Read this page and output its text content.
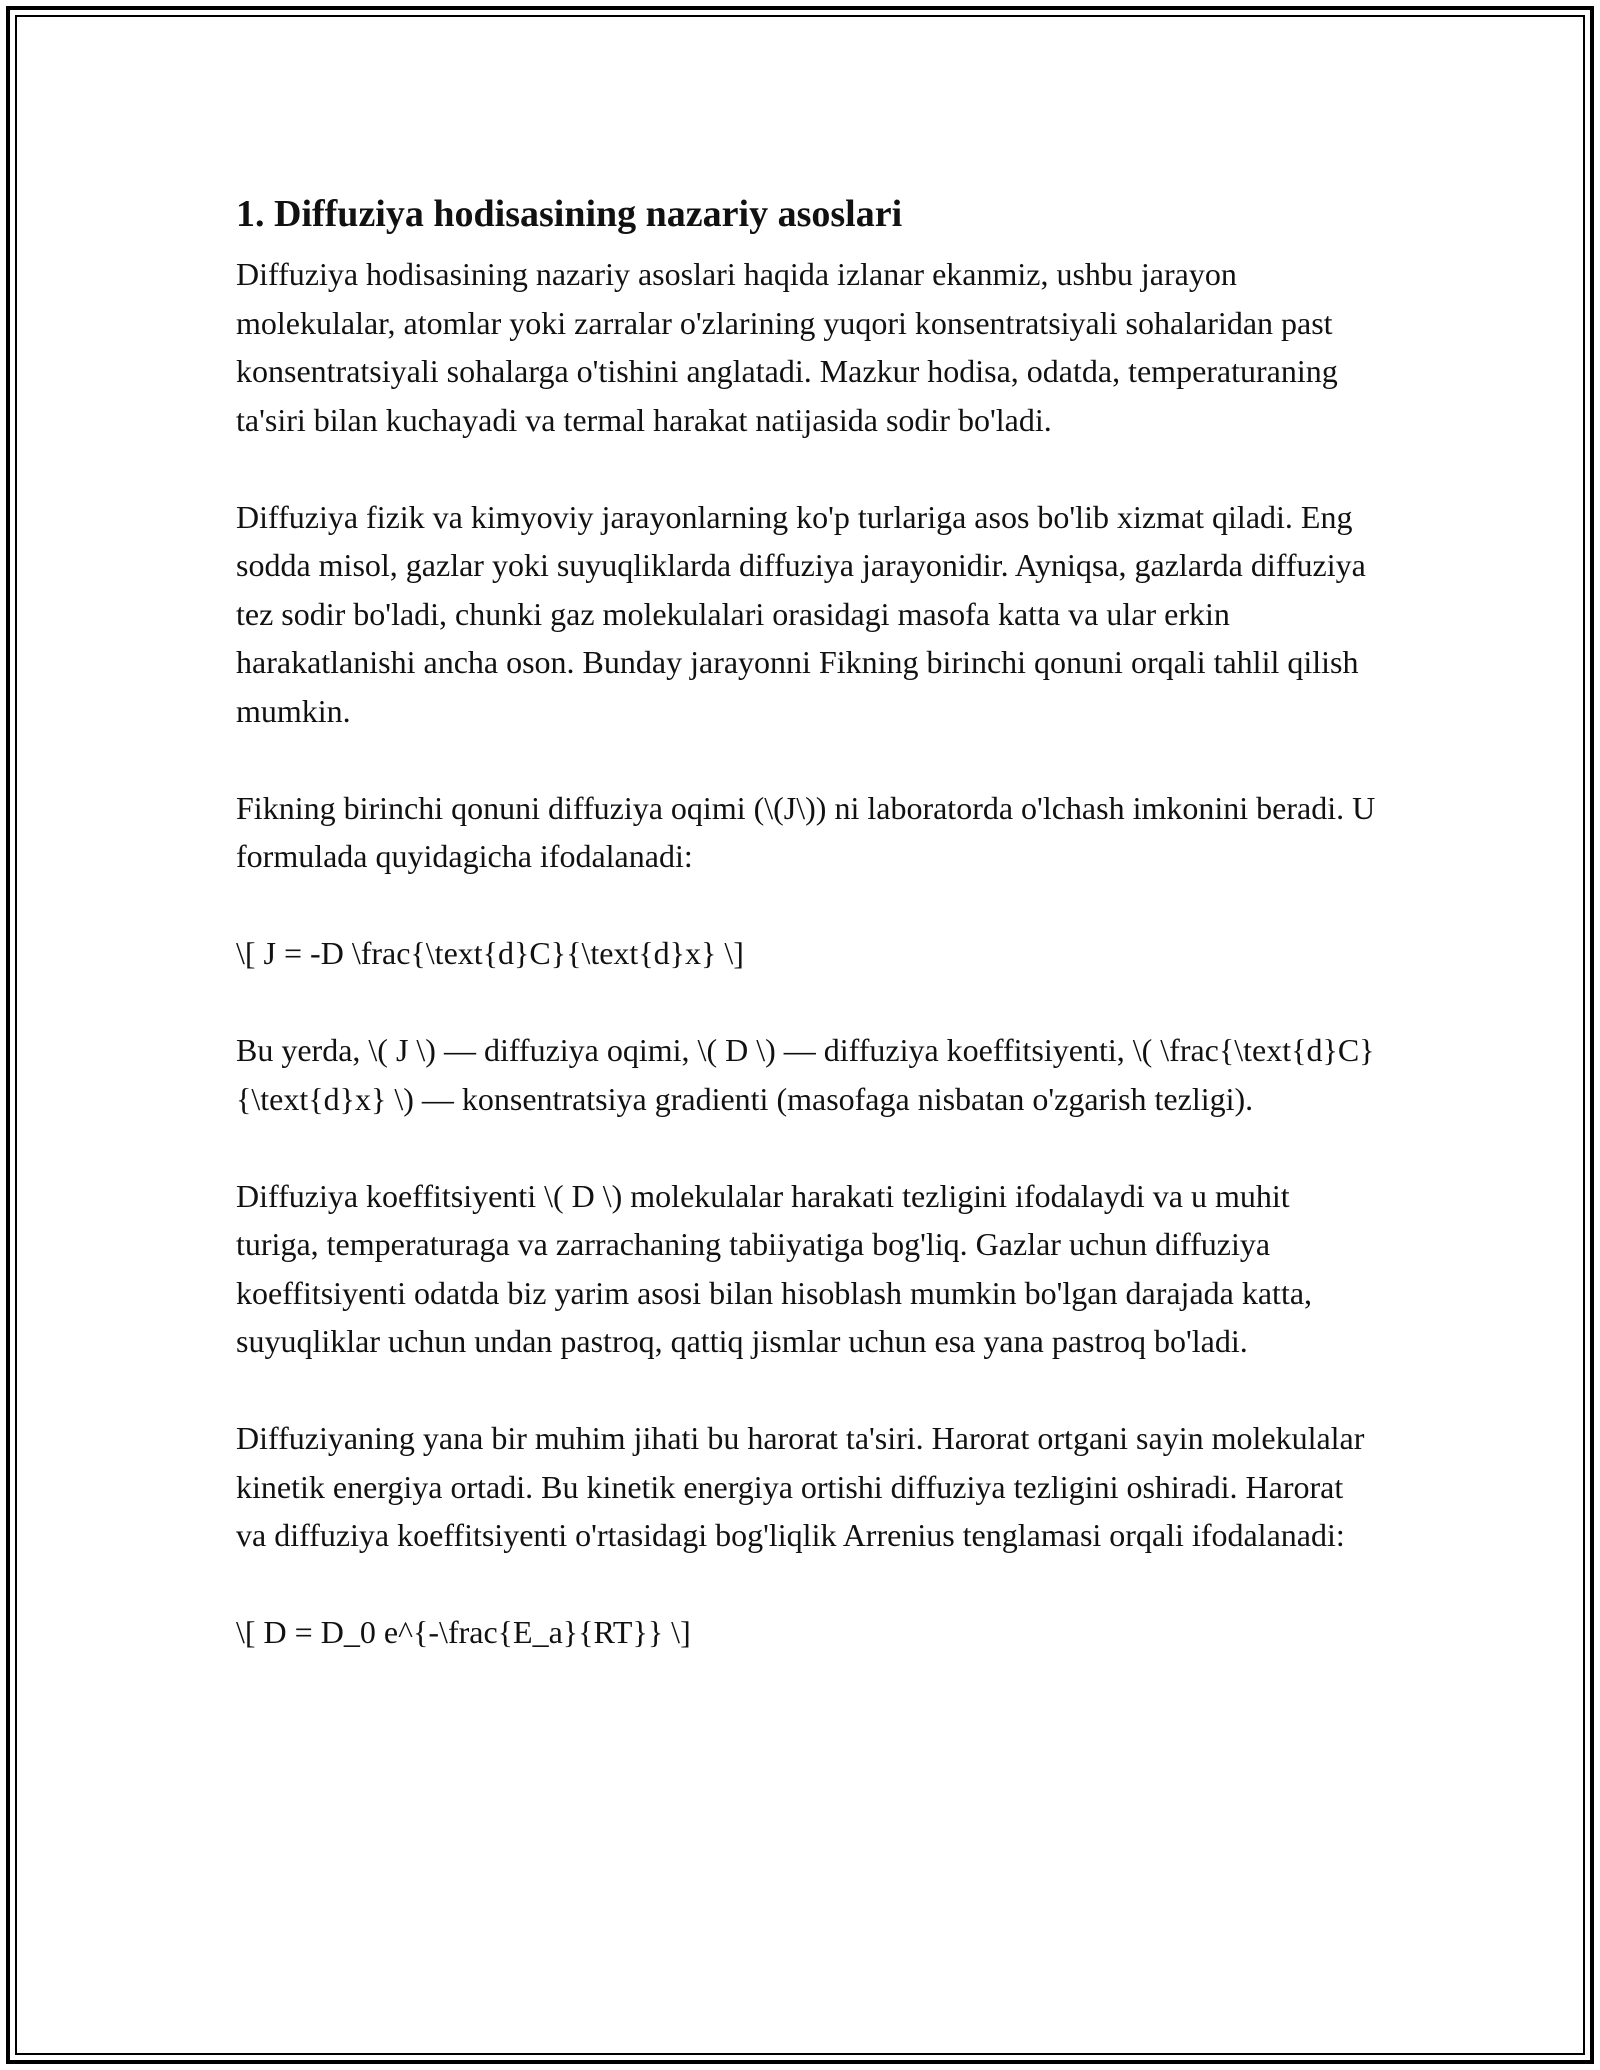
1. Diffuziya hodisasining nazariy asoslari
Diffuziya hodisasining nazariy asoslari haqida izlanar ekanmiz, ushbu jarayon molekulalar, atomlar yoki zarralar o'zlarining yuqori konsentratsiyali sohalaridan past konsentratsiyali sohalarga o'tishini anglatadi. Mazkur hodisa, odatda, temperaturaning ta'siri bilan kuchayadi va termal harakat natijasida sodir bo'ladi.
Diffuziya fizik va kimyoviy jarayonlarning ko'p turlariga asos bo'lib xizmat qiladi. Eng sodda misol, gazlar yoki suyuqliklarda diffuziya jarayonidir. Ayniqsa, gazlarda diffuziya tez sodir bo'ladi, chunki gaz molekulalari orasidagi masofa katta va ular erkin harakatlanishi ancha oson. Bunday jarayonni Fikning birinchi qonuni orqali tahlil qilish mumkin.
Fikning birinchi qonuni diffuziya oqimi (\(J\)) ni laboratorda o'lchash imkonini beradi. U formulada quyidagicha ifodalanadi:
\[ J = -D \frac{\text{d}C}{\text{d}x} \]
Bu yerda, \( J \) — diffuziya oqimi, \( D \) — diffuziya koeffitsiyenti, \( \frac{\text{d}C}{\text{d}x} \) — konsentratsiya gradienti (masofaga nisbatan o'zgarish tezligi).
Diffuziya koeffitsiyenti \( D \) molekulalar harakati tezligini ifodalaydi va u muhit turiga, temperaturaga va zarrachaning tabiiyatiga bog'liq. Gazlar uchun diffuziya koeffitsiyenti odatda biz yarim asosi bilan hisoblash mumkin bo'lgan darajada katta, suyuqliklar uchun undan pastroq, qattiq jismlar uchun esa yana pastroq bo'ladi.
Diffuziyaning yana bir muhim jihati bu harorat ta'siri. Harorat ortgani sayin molekulalar kinetik energiya ortadi. Bu kinetik energiya ortishi diffuziya tezligini oshiradi. Harorat va diffuziya koeffitsiyenti o'rtasidagi bog'liqlik Arrenius tenglamasi orqali ifodalanadi:
\[ D = D_0 e^{-\frac{E_a}{RT}} \]
